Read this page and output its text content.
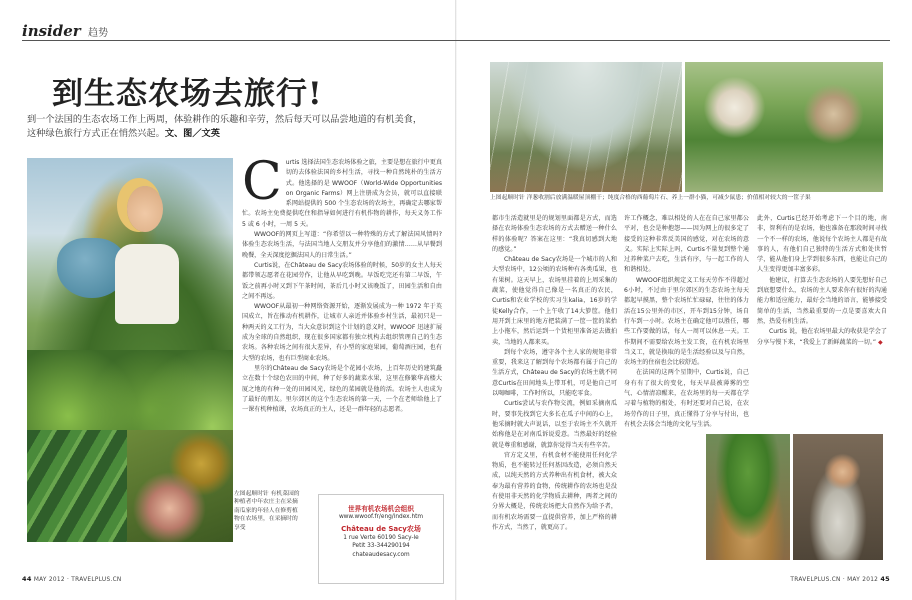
insider 趋势
到生态农场去旅行!
到一个法国的生态农场工作上两周，体验耕作的乐趣和辛劳，然后每天可以品尝地道的有机美食，这种绿色旅行方式正在悄然兴起。文、图／文英
左图起顺时针 有机菜园的种植者中年农庄主在采摘南瓜家的年轻人在修剪植物在农场里，在采摘时的享受
上图起顺时针 洋葱收割后放满温暖屋顶棚干；纯度合格的西葡萄片石、养上一群小猫，可减少鼠患；价值相对较大的一筐子果

Curtis 选择法国生态农场体验之旅，主要是想在旅行中更真切的去体验法国的乡村生活，寻找一种自然纯朴的生活方式。他选择的是 WWOOF（World-Wide Opportunities on Organic Farms）网上注册成为会员，就可以直接联系网站提供的 500 个生态农场的农场主，再确定去哪家帮忙。农场主免费提供吃住和指导如何进行有机作物的耕作，每天义务工作 5 或 6 小时，一周 5 天。

WWOOF的网页上写道：“你希望以一种特殊的方式了解法国风情吗? 体验生态农场生活，与法国当地人交朋友并分享他们的激情……从早餐到晚餐，全天深度挖掘法国人的日常生活。”

Curtis说，在Château de Sacy农场体验的时候，50岁的女主人每天都带领志愿者在花园劳作，让他从早吃到晚。早饭吃完还有第二早饭，午饭之前再小时又到下午茶时间，茶后几小时又该晚饭了，田园生活和自由之间不再远。

WWOOF从最初一种网络资源开始，逐渐发展成为一种 1972 年于英国成立，旨在推动有机耕作，让城市人亲近并体验乡村生活，最初只是一种两天的义工行为，当大众意识到这个计划的意义时，WWOOF 迅速扩展成为全球的自然组织，现在很多国家都有独立机构去组织管理自己的生态农场。各种农场之间有很大差异，有小型的家庭果园，葡萄酒庄园，也有大型的农场，也有巨型商业农场。

里尔的Château de Sacy农场是个花园小农场，上百年历史的建筑矗立在数十个绿色农田的中间，种了好多的蔬菜水果，这里在修繁华高楼大厦之地的有种一处的田园风光，绿色的菜园就是他的活。农场主人也成为了最好的朋友。里尔郊区的这个生态农场的第一天，一个在老师给他上了一课有机种植课，农场真正的主人，还是一群年轻的志愿者。

世界有机农场机会组织
www.wwoof.fr/eng/index.htm
Château de Sacy农场
1 rue Verte 60190 Sacy-le
Petit 33-344290194
chateaudesacy.com

都市生活造就里是的规划里面都是方式，而选择在农场体验生态农场的方式去赠送一种什么样的体验呢？答案在这里：“我真切感到大地的感觉。”

Château de Sacy农场是一个城市的人和大型农场中，12公顷的农场种有各类瓜果，也有果树。这天早上，农场里挂着的上周采集的蔬菜，使他觉得自己像是一名真正的农民，Curtis和农业学校的实习生kalia，16岁的学徒Kelly合作，一个上午收了14大箩筐。他们用开到土床里的地方把装满了一筐一筐的菜抬上小拖车，然后运到一个货柜里准备运去做拍卖，当地的人都来买。

到每个农场，遵守各个主人家的规矩非常重要，我来这了解到每个农场都有属于自己的生活方式，Château de Sacy的农场主就不同意Curtis在田间地头上带耳机，可是他自己可以喝咖啡，工作时所以，只能吃零食。

Curtis尝试与农作物交流，例如采摘南瓜时，要事先找到它大多长在瓜子中间的心上，他采摘时就大声说话，以至于农场主不久就开始称他是在对南瓜诉说爱意。当然最好的经验就是尊重和感谢，就算你觉得当天有些辛苦。

官方定义里，有机食材不能使用任何化学物质，也不能转过任何基因改造，必须自然天成，以纯天然的方式养种出有机食材，被大众奉为最有营养的食物，传统耕作的农场也是没有使用非天然的化学物质去耕种，两者之间的分界大概是，传统农场把大自然作为给予者，而有机农场需要一直提供营养，加上严格的耕作方式，当然了，就更高了。

许工作概念，难以相处的人在在自己家里都公平对，也会是种抱怨——因为网上的很多定了接受的这种非常反美国的感觉，对在农场的意义。实际上实际上吗，Curtis不量复到整个通过养种菜户去吃，生活有序，与一起工作的人和谐相处。

WWOOF组织规定义工每天劳作不得超过6小时，不过由于里尔郊区的生态农场主每天都起早摸黑，整个农场忙忙碌碌，往往的体力活在15公里外的市区，开车到15分钟，场自行车到一小时。农场主在确定他可以胜任，哪些工作要做的话，每人一周可以休息一天。工作期间不需要给农场主发工资，在有机农场里当义工，就是换取的是生活经验以及与自然，农场主的住宿也会比较舒适。

在法国的这两个星期中，Curtis说，自己身有有了很大的变化，每天早晨被薄雾的空气、心情清凉醒来，在农场里的每一天都在学习着与植物的相处，有时还要对自己说，在农场劳作的日子里，真正懂得了分享与付出，也有机会去体会当地的文化与生活。

此外，Curtis已经开始考虑下一个目的地，南非，智利有的是农场，他也准备在那段时间寻找一个不一样的农场，他说每个农场主人都是有故事的人，有他们自己独特的生活方式和处世哲学，能从他们身上学到很多东西，也能让自己的人生变得更加丰富多彩。

他建议，打算去生态农场的人要先想好自己到底想要什么，农场的主人要求你有很好的沟通能力和适应能力，最好会当地的语言，能够接受简单的生活，当然最重要的一点是要喜欢大自然，热爱有机生活。

Curtis 说，他在农场里最大的收获是学会了分享与慢下来，“我爱上了新鲜蔬菜的一切。” ◆

44 MAY 2012 · TRAVELPLUS.CN	TRAVELPLUS.CN · MAY 2012 45
